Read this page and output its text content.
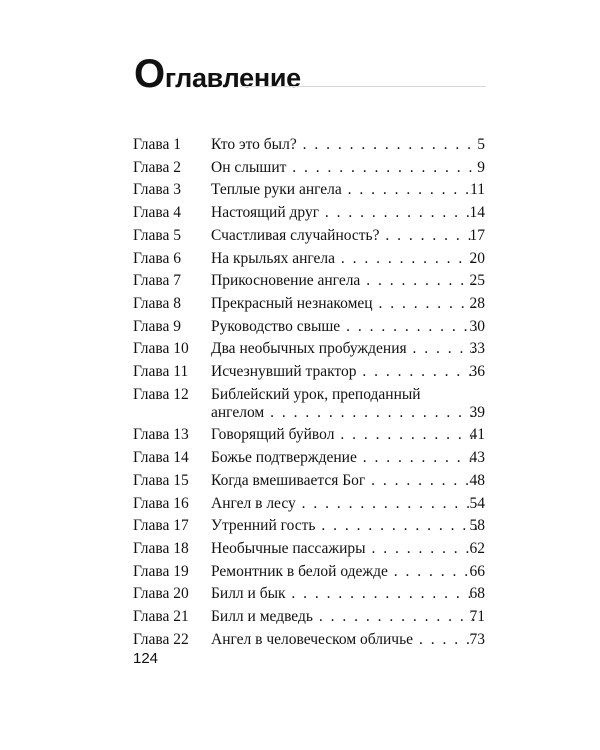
Оглавление
Глава 1 Кто это был? . . .	5
Глава 2 Он слышит . . .	9
Глава 3 Теплые руки ангела . . .	11
Глава 4 Настоящий друг . . .	14
Глава 5 Счастливая случайность? . . .	17
Глава 6 На крыльях ангела . . .	20
Глава 7 Прикосновение ангела . . .	25
Глава 8 Прекрасный незнакомец . . .	28
Глава 9 Руководство свыше . . .	30
Глава 10 Два необычных пробуждения . . .	33
Глава 11 Исчезнувший трактор . . .	36
Глава 12 Библейский урок, преподанный
ангелом . . .	39
Глава 13 Говорящий буйвол . . .	41
Глава 14 Божье подтверждение . . .	43
Глава 15 Когда вмешивается Бог . . .	48
Глава 16 Ангел в лесу . . .	54
Глава 17 Утренний гость . . .	58
Глава 18 Необычные пассажиры . . .	62
Глава 19 Ремонтник в белой одежде . . .	66
Глава 20 Билл и бык . . .	68
Глава 21 Билл и медведь . . .	71
Глава 22 Ангел в человеческом обличье . . .	73
124
